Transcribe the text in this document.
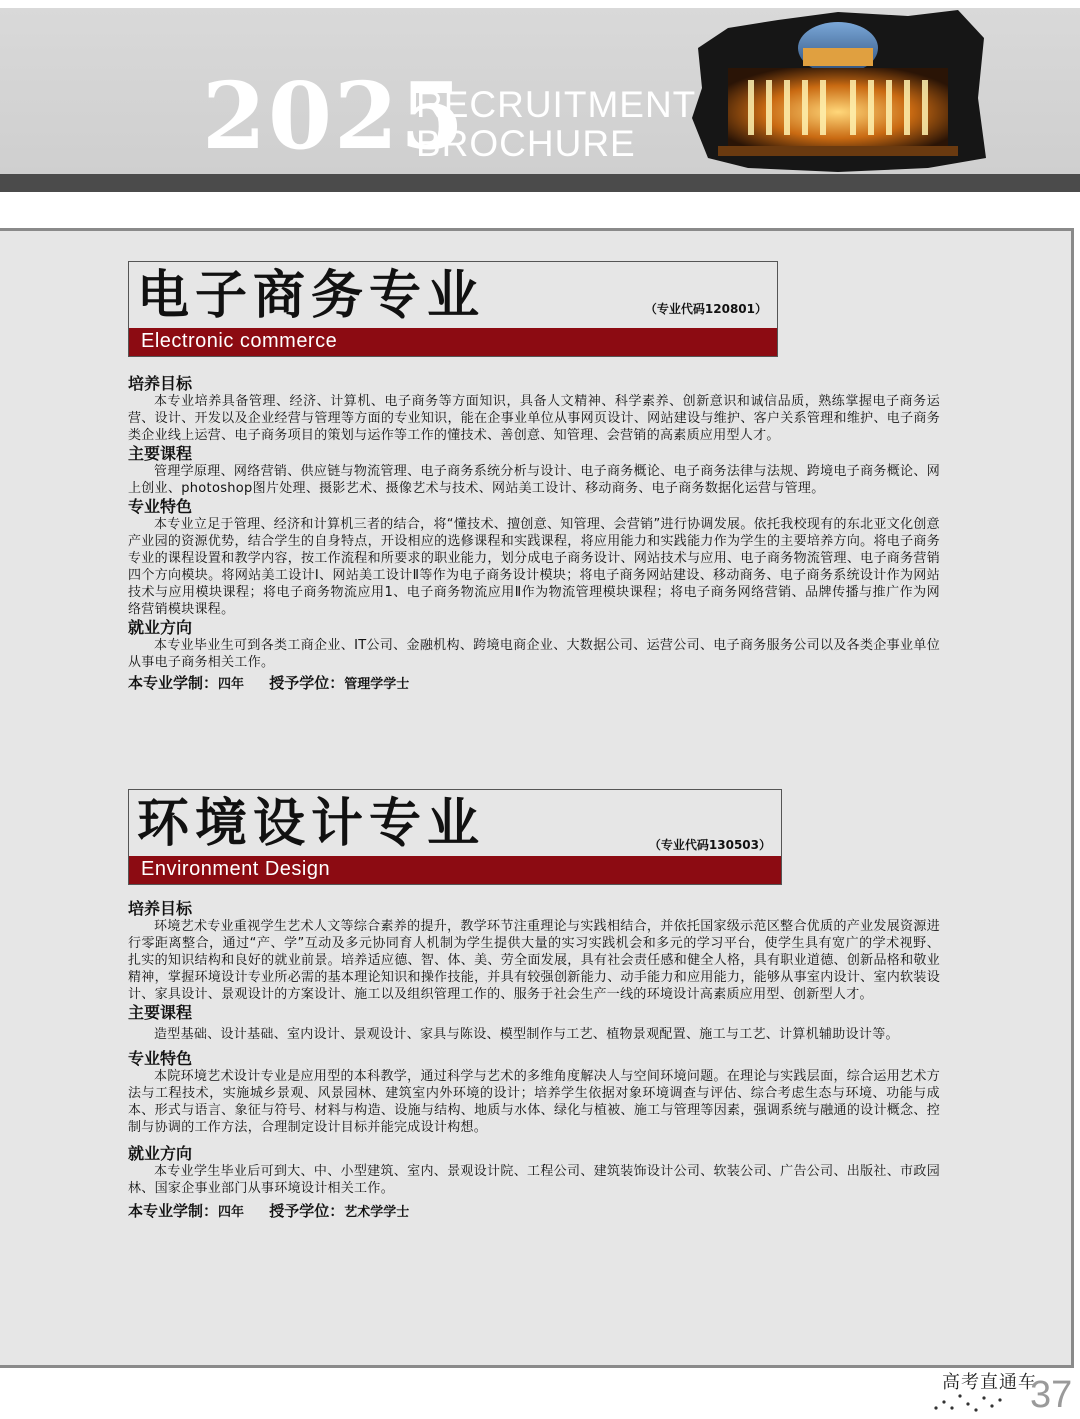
2025
RECRUITMENT
BROCHURE
电子商务专业	（专业代码120801）
Electronic commerce
培养目标

本专业培养具备管理、经济、计算机、电子商务等方面知识，具备人文精神、科学素养、创新意识和诚信品质，熟练掌握电子商务运营、设计、开发以及企业经营与管理等方面的专业知识，能在企事业单位从事网页设计、网站建设与维护、客户关系管理和维护、电子商务类企业线上运营、电子商务项目的策划与运作等工作的懂技术、善创意、知管理、会营销的高素质应用型人才。

主要课程

管理学原理、网络营销、供应链与物流管理、电子商务系统分析与设计、电子商务概论、电子商务法律与法规、跨境电子商务概论、网上创业、photoshop图片处理、摄影艺术、摄像艺术与技术、网站美工设计、移动商务、电子商务数据化运营与管理。

专业特色

本专业立足于管理、经济和计算机三者的结合，将“懂技术、擅创意、知管理、会营销”进行协调发展。依托我校现有的东北亚文化创意产业园的资源优势，结合学生的自身特点，开设相应的选修课程和实践课程，将应用能力和实践能力作为学生的主要培养方向。将电子商务专业的课程设置和教学内容，按工作流程和所要求的职业能力，划分成电子商务设计、网站技术与应用、电子商务物流管理、电子商务营销四个方向模块。将网站美工设计Ⅰ、网站美工设计Ⅱ等作为电子商务设计模块；将电子商务网站建设、移动商务、电子商务系统设计作为网站技术与应用模块课程；将电子商务物流应用1、电子商务物流应用Ⅱ作为物流管理模块课程；将电子商务网络营销、品牌传播与推广作为网络营销模块课程。

就业方向

本专业毕业生可到各类工商企业、IT公司、金融机构、跨境电商企业、大数据公司、运营公司、电子商务服务公司以及各类企事业单位从事电子商务相关工作。

本专业学制：四年 授予学位：管理学学士
环境设计专业	（专业代码130503）
Environment Design
培养目标

环境艺术专业重视学生艺术人文等综合素养的提升，教学环节注重理论与实践相结合，并依托国家级示范区整合优质的产业发展资源进行零距离整合，通过“产、学”互动及多元协同育人机制为学生提供大量的实习实践机会和多元的学习平台，使学生具有宽广的学术视野、扎实的知识结构和良好的就业前景。培养适应德、智、体、美、劳全面发展，具有社会责任感和健全人格，具有职业道德、创新品格和敬业精神，掌握环境设计专业所必需的基本理论知识和操作技能，并具有较强创新能力、动手能力和应用能力，能够从事室内设计、室内软装设计、家具设计、景观设计的方案设计、施工以及组织管理工作的、服务于社会生产一线的环境设计高素质应用型、创新型人才。

主要课程

造型基础、设计基础、室内设计、景观设计、家具与陈设、模型制作与工艺、植物景观配置、施工与工艺、计算机辅助设计等。

专业特色

本院环境艺术设计专业是应用型的本科教学，通过科学与艺术的多维角度解决人与空间环境问题。在理论与实践层面，综合运用艺术方法与工程技术，实施城乡景观、风景园林、建筑室内外环境的设计；培养学生依据对象环境调查与评估、综合考虑生态与环境、功能与成本、形式与语言、象征与符号、材料与构造、设施与结构、地质与水体、绿化与植被、施工与管理等因素，强调系统与融通的设计概念、控制与协调的工作方法，合理制定设计目标并能完成设计构想。

就业方向

本专业学生毕业后可到大、中、小型建筑、室内、景观设计院、工程公司、建筑装饰设计公司、软装公司、广告公司、出版社、市政园林、国家企事业部门从事环境设计相关工作。

本专业学制：四年 授予学位：艺术学学士
高考直通车
37
